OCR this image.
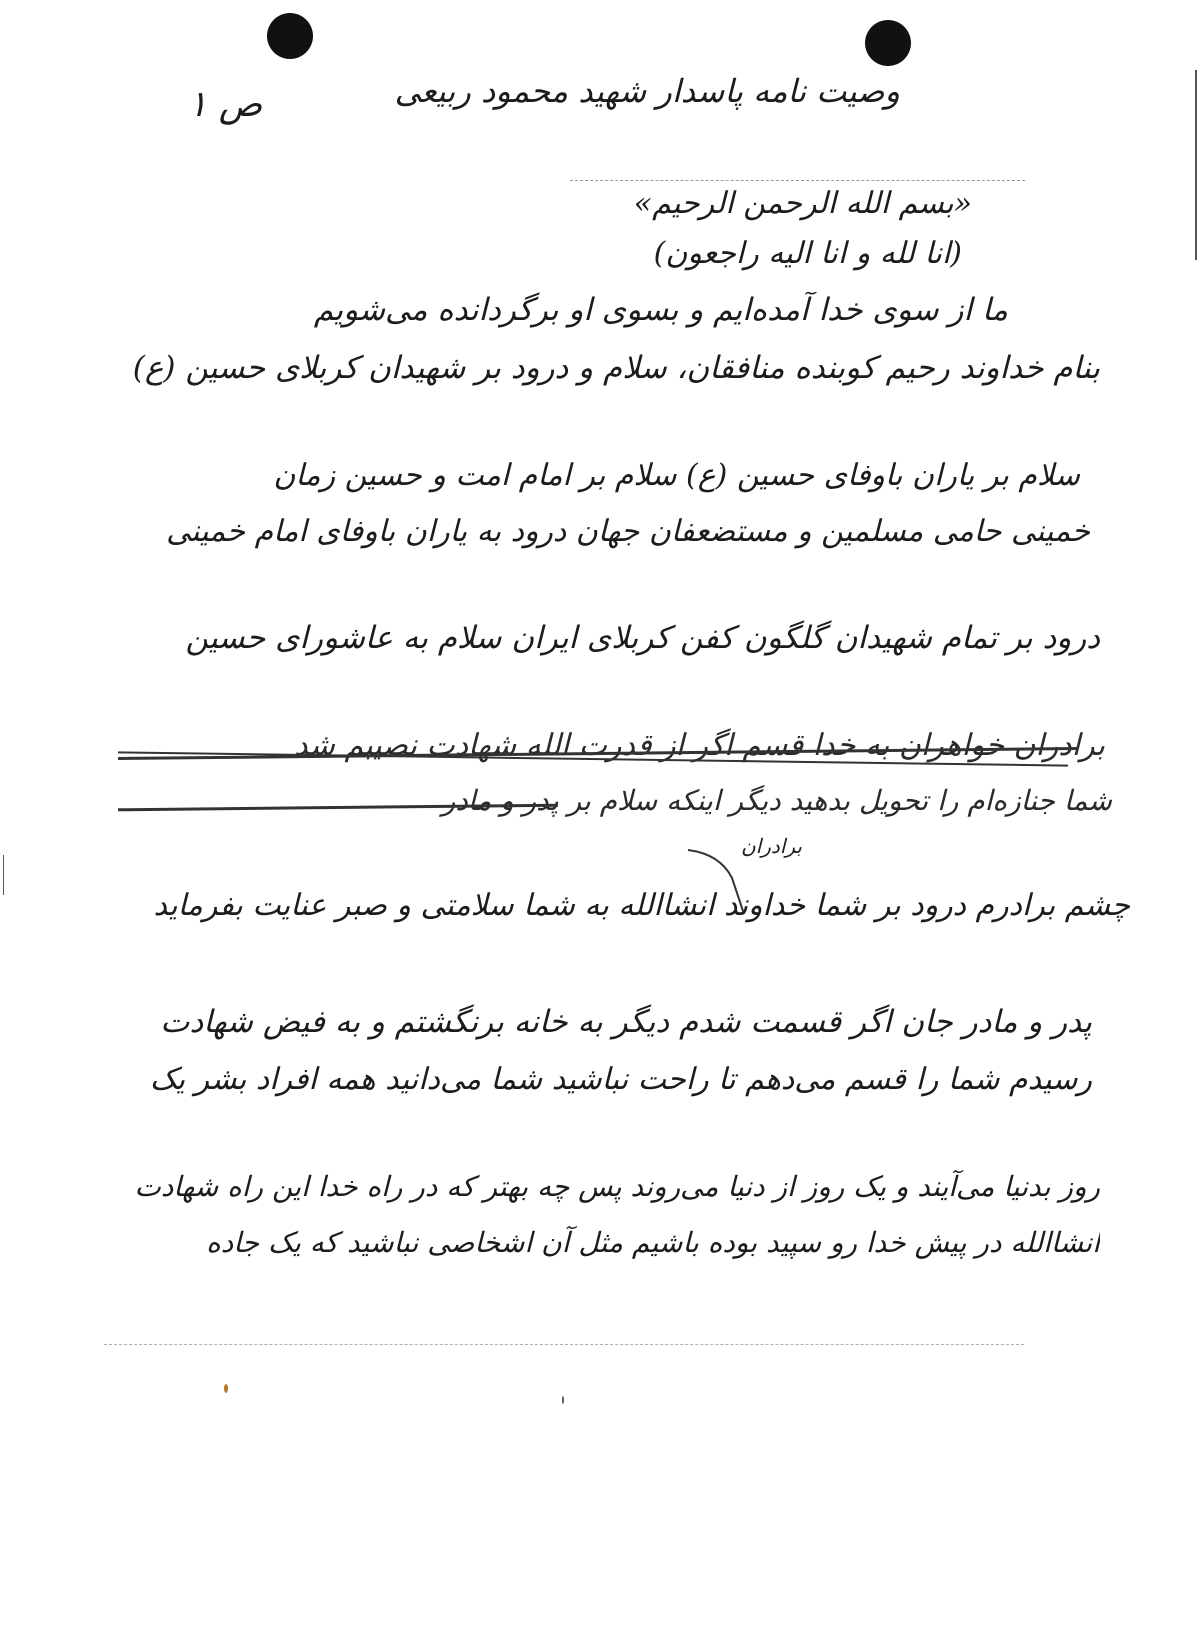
وصیت نامه پاسدار شهید محمود ربیعی
ص ۱
«بسم الله الرحمن الرحیم»
(انا لله و انا الیه راجعون)
ما از سوی خدا آمده‌ایم و بسوی او برگردانده می‌شویم
بنام خداوند رحیم کوبنده منافقان، سلام و درود بر شهیدان کربلای حسین (ع)
سلام بر یاران باوفای حسین (ع) سلام بر امام امت و حسین زمان
خمینی حامی مسلمین و مستضعفان جهان درود به یاران باوفای امام خمینی
درود بر تمام شهیدان گلگون کفن کربلای ایران سلام به عاشورای حسین
برادران خواهران به خدا قسم اگر از قدرت الله شهادت نصیبم شد
شما جنازه‌ام را تحویل بدهید دیگر اینکه سلام بر پدر و مادر
برادران
چشم برادرم درود بر شما خداوند انشاالله به شما سلامتی و صبر عنایت بفرماید
پدر و مادر جان اگر قسمت شدم دیگر به خانه برنگشتم و به فیض شهادت
رسیدم شما را قسم می‌دهم تا راحت نباشید شما می‌دانید همه افراد بشر یک
روز بدنیا می‌آیند و یک روز از دنیا می‌روند پس چه بهتر که در راه خدا این راه شهادت
انشاالله در پیش خدا رو سپید بوده باشیم مثل آن اشخاصی نباشید که یک جاده
